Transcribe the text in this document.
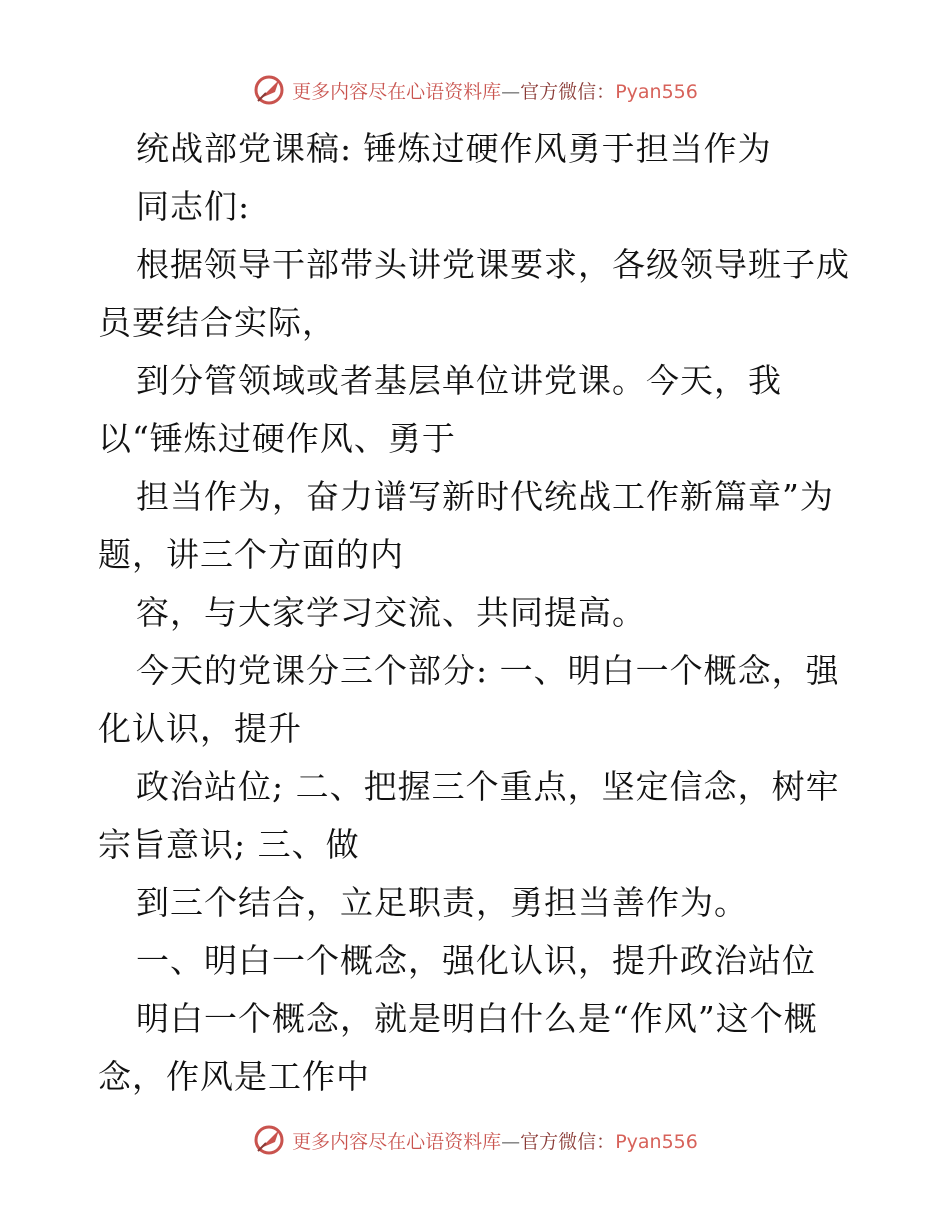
更多内容尽在心语资料库—官方微信：Pyan556
统战部党课稿: 锤炼过硬作风勇于担当作为
同志们:
根据领导干部带头讲党课要求，各级领导班子成
员要结合实际，
到分管领域或者基层单位讲党课。今天，我
以“锤炼过硬作风、勇于
担当作为，奋力谱写新时代统战工作新篇章”为
题，讲三个方面的内
容，与大家学习交流、共同提高。
今天的党课分三个部分: 一、明白一个概念，强
化认识，提升
政治站位; 二、把握三个重点，坚定信念，树牢
宗旨意识; 三、做
到三个结合，立足职责，勇担当善作为。
一、明白一个概念，强化认识，提升政治站位
明白一个概念，就是明白什么是“作风”这个概
念，作风是工作中
更多内容尽在心语资料库—官方微信：Pyan556
